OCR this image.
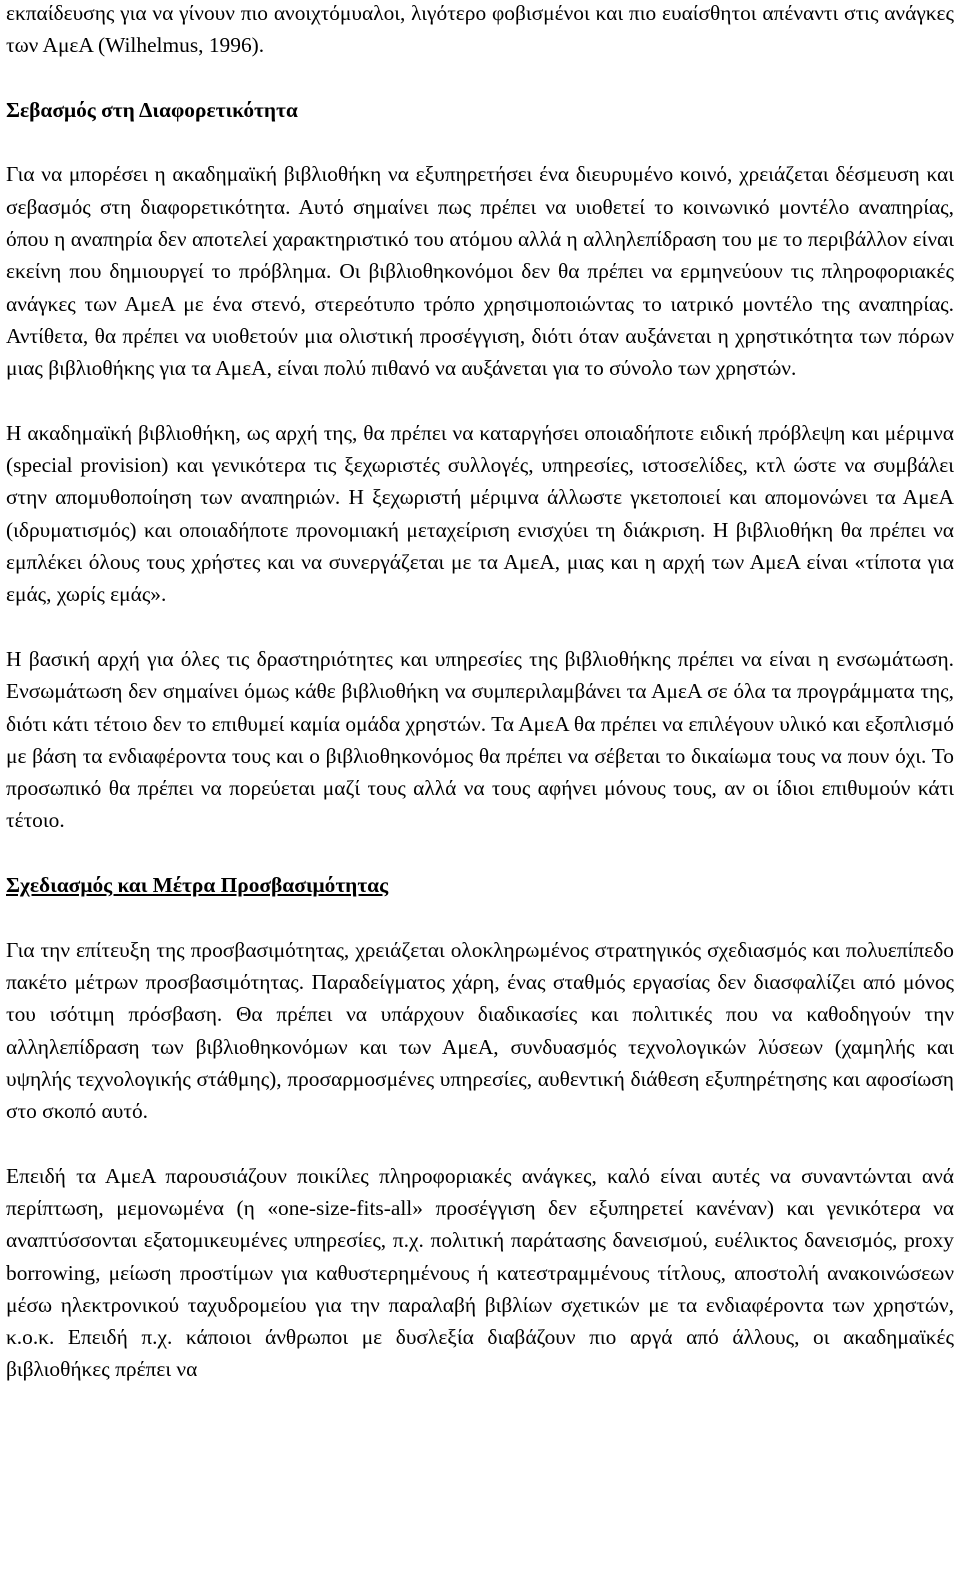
εκπαίδευσης για να γίνουν πιο ανοιχτόμυαλοι, λιγότερο φοβισμένοι και πιο ευαίσθητοι απέναντι στις ανάγκες των ΑμεΑ (Wilhelmus, 1996).

Σεβασμός στη Διαφορετικότητα

Για να μπορέσει η ακαδημαϊκή βιβλιοθήκη να εξυπηρετήσει ένα διευρυμένο κοινό, χρειάζεται δέσμευση και σεβασμός στη διαφορετικότητα. Αυτό σημαίνει πως πρέπει να υιοθετεί το κοινωνικό μοντέλο αναπηρίας, όπου η αναπηρία δεν αποτελεί χαρακτηριστικό του ατόμου αλλά η αλληλεπίδραση του με το περιβάλλον είναι εκείνη που δημιουργεί το πρόβλημα. Οι βιβλιοθηκονόμοι δεν θα πρέπει να ερμηνεύουν τις πληροφοριακές ανάγκες των ΑμεΑ με ένα στενό, στερεότυπο τρόπο χρησιμοποιώντας το ιατρικό μοντέλο της αναπηρίας. Αντίθετα, θα πρέπει να υιοθετούν μια ολιστική προσέγγιση, διότι όταν αυξάνεται η χρηστικότητα των πόρων μιας βιβλιοθήκης για τα ΑμεΑ, είναι πολύ πιθανό να αυξάνεται για το σύνολο των χρηστών.

Η ακαδημαϊκή βιβλιοθήκη, ως αρχή της, θα πρέπει να καταργήσει οποιαδήποτε ειδική πρόβλεψη και μέριμνα (special provision) και γενικότερα τις ξεχωριστές συλλογές, υπηρεσίες, ιστοσελίδες, κτλ ώστε να συμβάλει στην απομυθοποίηση των αναπηριών. Η ξεχωριστή μέριμνα άλλωστε γκετοποιεί και απομονώνει τα ΑμεΑ (ιδρυματισμός) και οποιαδήποτε προνομιακή μεταχείριση ενισχύει τη διάκριση. Η βιβλιοθήκη θα πρέπει να εμπλέκει όλους τους χρήστες και να συνεργάζεται με τα ΑμεΑ, μιας και η αρχή των ΑμεΑ είναι «τίποτα για εμάς, χωρίς εμάς».

Η βασική αρχή για όλες τις δραστηριότητες και υπηρεσίες της βιβλιοθήκης πρέπει να είναι η ενσωμάτωση. Ενσωμάτωση δεν σημαίνει όμως κάθε βιβλιοθήκη να συμπεριλαμβάνει τα ΑμεΑ σε όλα τα προγράμματα της, διότι κάτι τέτοιο δεν το επιθυμεί καμία ομάδα χρηστών. Τα ΑμεΑ θα πρέπει να επιλέγουν υλικό και εξοπλισμό με βάση τα ενδιαφέροντα τους και ο βιβλιοθηκονόμος θα πρέπει να σέβεται το δικαίωμα τους να πουν όχι. Το προσωπικό θα πρέπει να πορεύεται μαζί τους αλλά να τους αφήνει μόνους τους, αν οι ίδιοι επιθυμούν κάτι τέτοιο.

Σχεδιασμός και Μέτρα Προσβασιμότητας

Για την επίτευξη της προσβασιμότητας, χρειάζεται ολοκληρωμένος στρατηγικός σχεδιασμός και πολυεπίπεδο πακέτο μέτρων προσβασιμότητας. Παραδείγματος χάρη, ένας σταθμός εργασίας δεν διασφαλίζει από μόνος του ισότιμη πρόσβαση. Θα πρέπει να υπάρχουν διαδικασίες και πολιτικές που να καθοδηγούν την αλληλεπίδραση των βιβλιοθηκονόμων και των ΑμεΑ, συνδυασμός τεχνολογικών λύσεων (χαμηλής και υψηλής τεχνολογικής στάθμης), προσαρμοσμένες υπηρεσίες, αυθεντική διάθεση εξυπηρέτησης και αφοσίωση στο σκοπό αυτό.

Επειδή τα ΑμεΑ παρουσιάζουν ποικίλες πληροφοριακές ανάγκες, καλό είναι αυτές να συναντώνται ανά περίπτωση, μεμονωμένα (η «one-size-fits-all» προσέγγιση δεν εξυπηρετεί κανέναν) και γενικότερα να αναπτύσσονται εξατομικευμένες υπηρεσίες, π.χ. πολιτική παράτασης δανεισμού, ευέλικτος δανεισμός, proxy borrowing, μείωση προστίμων για καθυστερημένους ή κατεστραμμένους τίτλους, αποστολή ανακοινώσεων μέσω ηλεκτρονικού ταχυδρομείου για την παραλαβή βιβλίων σχετικών με τα ενδιαφέροντα των χρηστών, κ.ο.κ. Επειδή π.χ. κάποιοι άνθρωποι με δυσλεξία διαβάζουν πιο αργά από άλλους, οι ακαδημαϊκές βιβλιοθήκες πρέπει να
